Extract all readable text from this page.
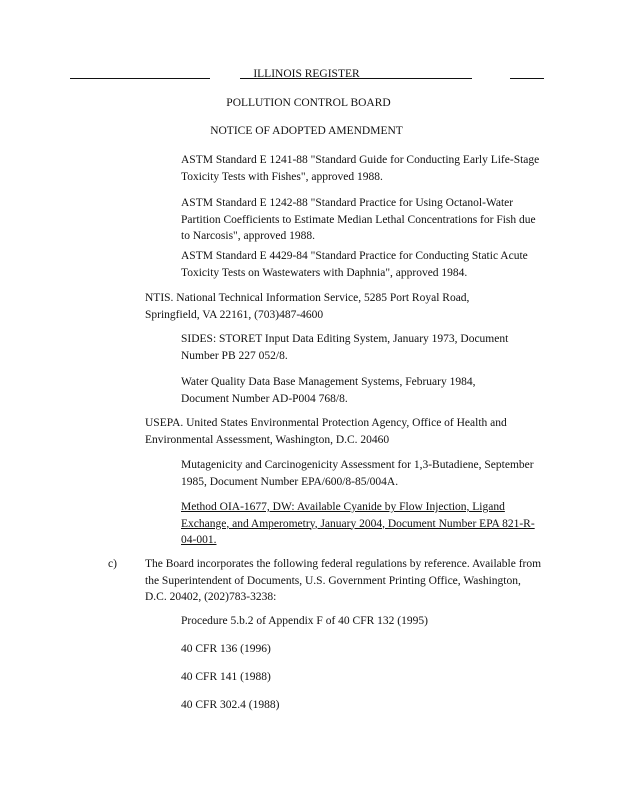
ILLINOIS REGISTER
POLLUTION CONTROL BOARD
NOTICE OF ADOPTED AMENDMENT
ASTM Standard E 1241-88 "Standard Guide for Conducting Early Life-Stage Toxicity Tests with Fishes", approved 1988.
ASTM Standard E 1242-88 "Standard Practice for Using Octanol-Water Partition Coefficients to Estimate Median Lethal Concentrations for Fish due to Narcosis", approved 1988.
ASTM Standard E 4429-84 "Standard Practice for Conducting Static Acute Toxicity Tests on Wastewaters with Daphnia", approved 1984.
NTIS. National Technical Information Service, 5285 Port Royal Road, Springfield, VA 22161, (703)487-4600
SIDES: STORET Input Data Editing System, January 1973, Document Number PB 227 052/8.
Water Quality Data Base Management Systems, February 1984, Document Number AD-P004 768/8.
USEPA. United States Environmental Protection Agency, Office of Health and Environmental Assessment, Washington, D.C. 20460
Mutagenicity and Carcinogenicity Assessment for 1,3-Butadiene, September 1985, Document Number EPA/600/8-85/004A.
Method OIA-1677, DW: Available Cyanide by Flow Injection, Ligand Exchange, and Amperometry, January 2004, Document Number EPA 821-R-04-001.
c) The Board incorporates the following federal regulations by reference. Available from the Superintendent of Documents, U.S. Government Printing Office, Washington, D.C. 20402, (202)783-3238:
Procedure 5.b.2 of Appendix F of 40 CFR 132 (1995)
40 CFR 136 (1996)
40 CFR 141 (1988)
40 CFR 302.4 (1988)
